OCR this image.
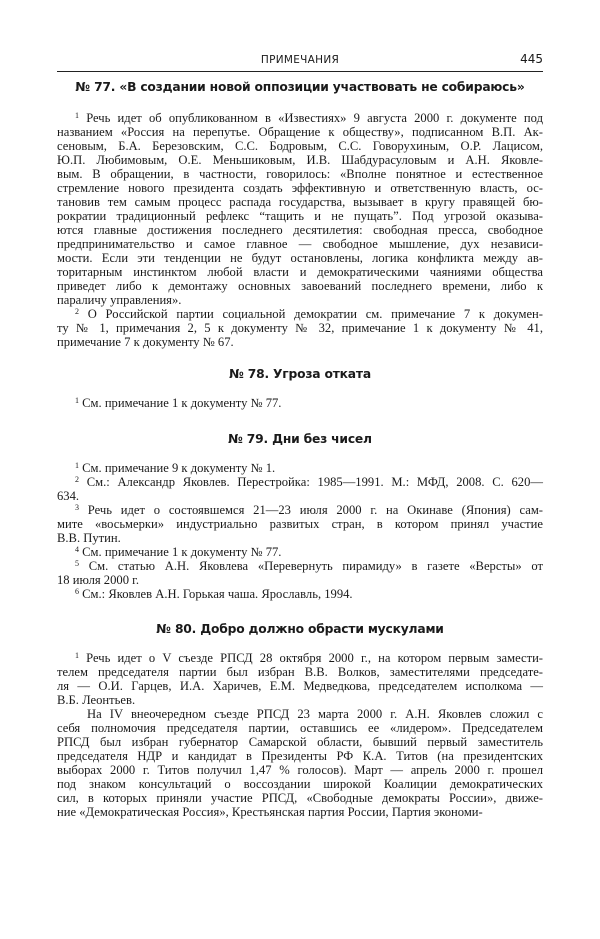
ПРИМЕЧАНИЯ	445
№ 77. «В создании новой оппозиции участвовать не собираюсь»
$^1$ Речь идет об опубликованном в «Известиях» 9 августа 2000 г. документе под
названием «Россия на перепутье. Обращение к обществу», подписанном В.П. Ак-
сеновым, Б.А. Березовским, С.С. Бодровым, С.С. Говорухиным, О.Р. Лацисом,
Ю.П. Любимовым, О.Е. Меньшиковым, И.В. Шабдурасуловым и А.Н. Яковле-
вым. В обращении, в частности, говорилось: «Вполне понятное и естественное
стремление нового президента создать эффективную и ответственную власть, ос-
тановив тем самым процесс распада государства, вызывает в кругу правящей бю-
рократии традиционный рефлекс “тащить и не пущать”. Под угрозой оказыва-
ются главные достижения последнего десятилетия: свободная пресса, свободное
предпринимательство и самое главное — свободное мышление, дух независи-
мости. Если эти тенденции не будут остановлены, логика конфликта между ав-
торитарным инстинктом любой власти и демократическими чаяниями общества
приведет либо к демонтажу основных завоеваний последнего времени, либо к
параличу управления».
$^2$ О Российской партии социальной демократии см. примечание 7 к докумен-
ту № 1, примечания 2, 5 к документу № 32, примечание 1 к документу № 41,
примечание 7 к документу № 67.
№ 78. Угроза отката
$^1$ См. примечание 1 к документу № 77.
№ 79. Дни без чисел
$^1$ См. примечание 9 к документу № 1.
$^2$ См.: Александр Яковлев. Перестройка: 1985—1991. М.: МФД, 2008. С. 620—
634.
$^3$ Речь идет о состоявшемся 21—23 июля 2000 г. на Окинаве (Япония) сам-
мите «восьмерки» индустриально развитых стран, в котором принял участие
В.В. Путин.
$^4$ См. примечание 1 к документу № 77.
$^5$ См. статью А.Н. Яковлева «Перевернуть пирамиду» в газете «Версты» от
18 июля 2000 г.
$^6$ См.: Яковлев А.Н. Горькая чаша. Ярославль, 1994.
№ 80. Добро должно обрасти мускулами
$^1$ Речь идет о V съезде РПСД 28 октября 2000 г., на котором первым замести-
телем председателя партии был избран В.В. Волков, заместителями председате-
ля — О.И. Гарцев, И.А. Харичев, Е.М. Медведкова, председателем исполкома —
В.Б. Леонтьев.
На IV внеочередном съезде РПСД 23 марта 2000 г. А.Н. Яковлев сложил с
себя полномочия председателя партии, оставшись ее «лидером». Председателем
РПСД был избран губернатор Самарской области, бывший первый заместитель
председателя НДР и кандидат в Президенты РФ К.А. Титов (на президентских
выборах 2000 г. Титов получил 1,47 % голосов). Март — апрель 2000 г. прошел
под знаком консультаций о воссоздании широкой Коалиции демократических
сил, в которых приняли участие РПСД, «Свободные демократы России», движе-
ние «Демократическая Россия», Крестьянская партия России, Партия экономи-
